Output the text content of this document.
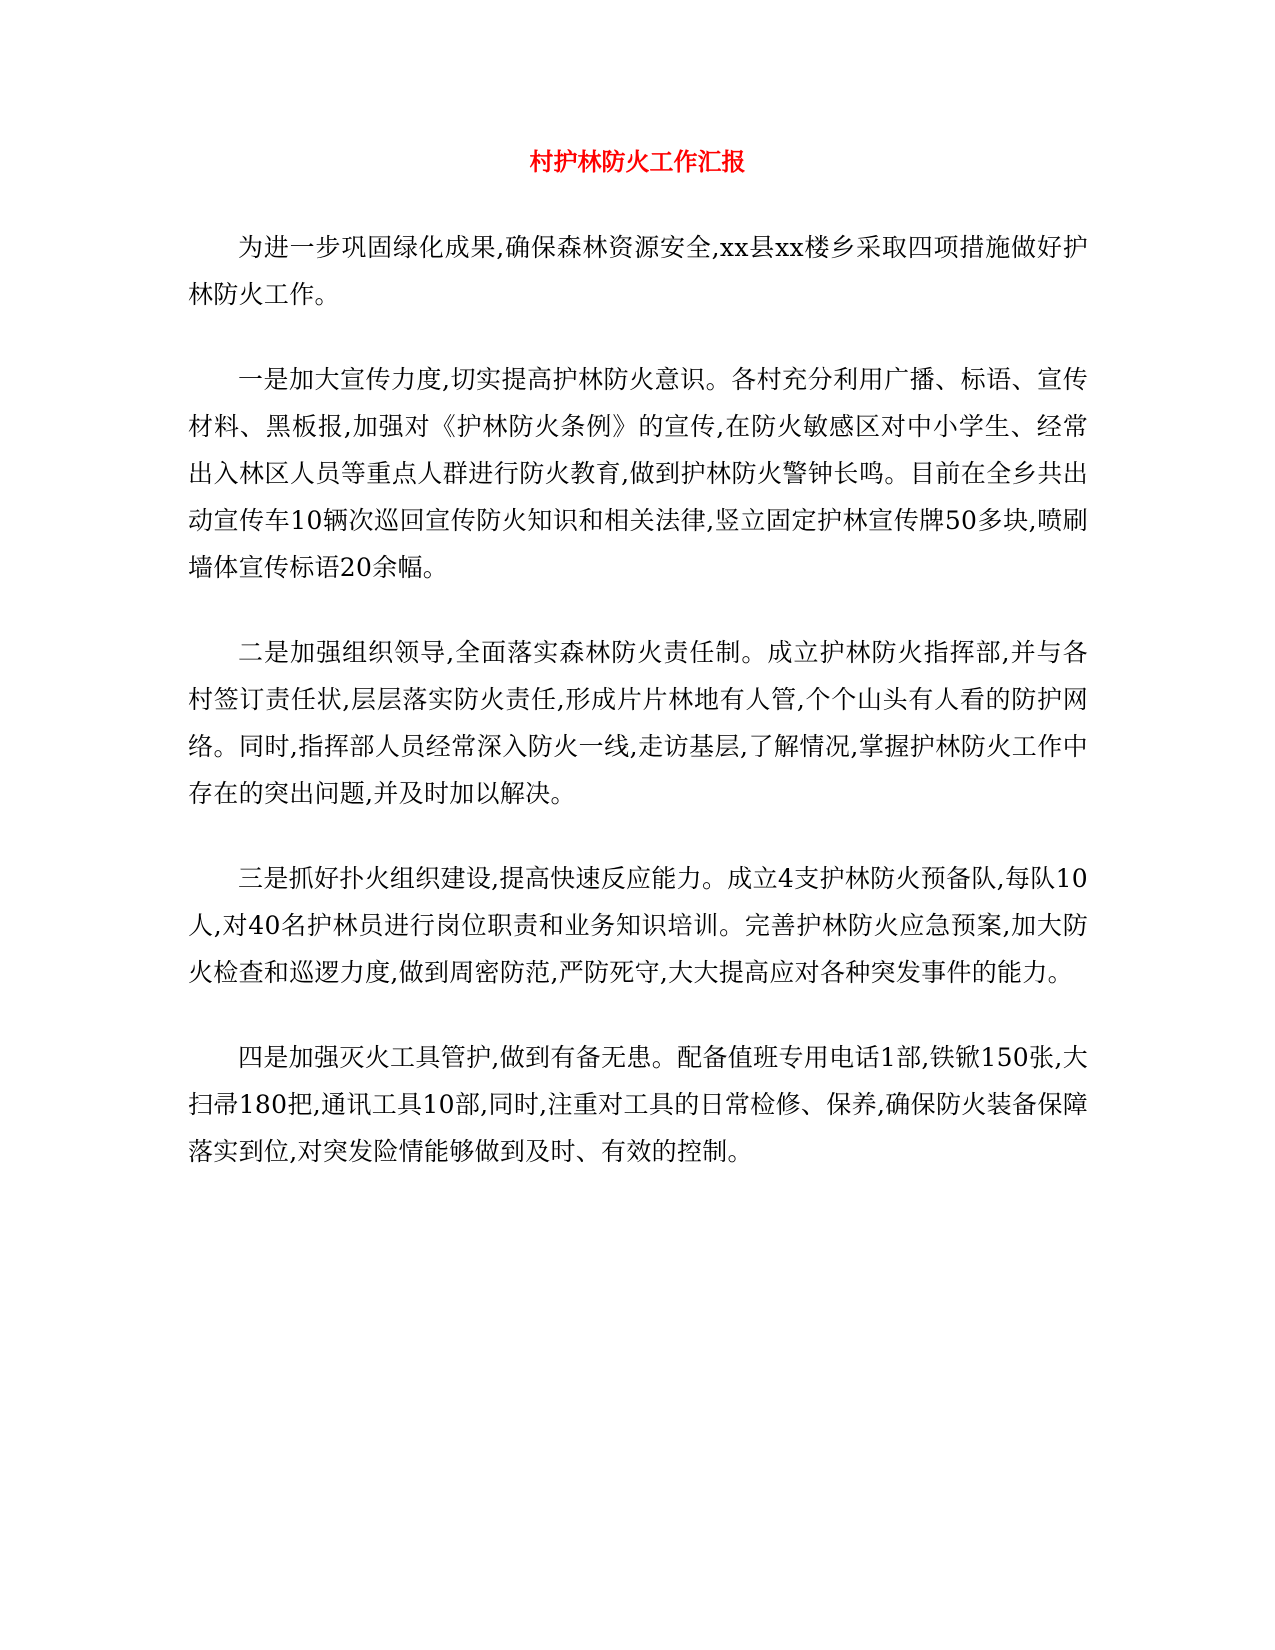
村护林防火工作汇报

为进一步巩固绿化成果,确保森林资源安全,xx县xx楼乡采取四项措施做好护林防火工作。

一是加大宣传力度,切实提高护林防火意识。各村充分利用广播、标语、宣传材料、黑板报,加强对《护林防火条例》的宣传,在防火敏感区对中小学生、经常出入林区人员等重点人群进行防火教育,做到护林防火警钟长鸣。目前在全乡共出动宣传车10辆次巡回宣传防火知识和相关法律,竖立固定护林宣传牌50多块,喷刷墙体宣传标语20余幅。

二是加强组织领导,全面落实森林防火责任制。成立护林防火指挥部,并与各村签订责任状,层层落实防火责任,形成片片林地有人管,个个山头有人看的防护网络。同时,指挥部人员经常深入防火一线,走访基层,了解情况,掌握护林防火工作中存在的突出问题,并及时加以解决。

三是抓好扑火组织建设,提高快速反应能力。成立4支护林防火预备队,每队10人,对40名护林员进行岗位职责和业务知识培训。完善护林防火应急预案,加大防火检查和巡逻力度,做到周密防范,严防死守,大大提高应对各种突发事件的能力。

四是加强灭火工具管护,做到有备无患。配备值班专用电话1部,铁锨150张,大扫帚180把,通讯工具10部,同时,注重对工具的日常检修、保养,确保防火装备保障落实到位,对突发险情能够做到及时、有效的控制。
